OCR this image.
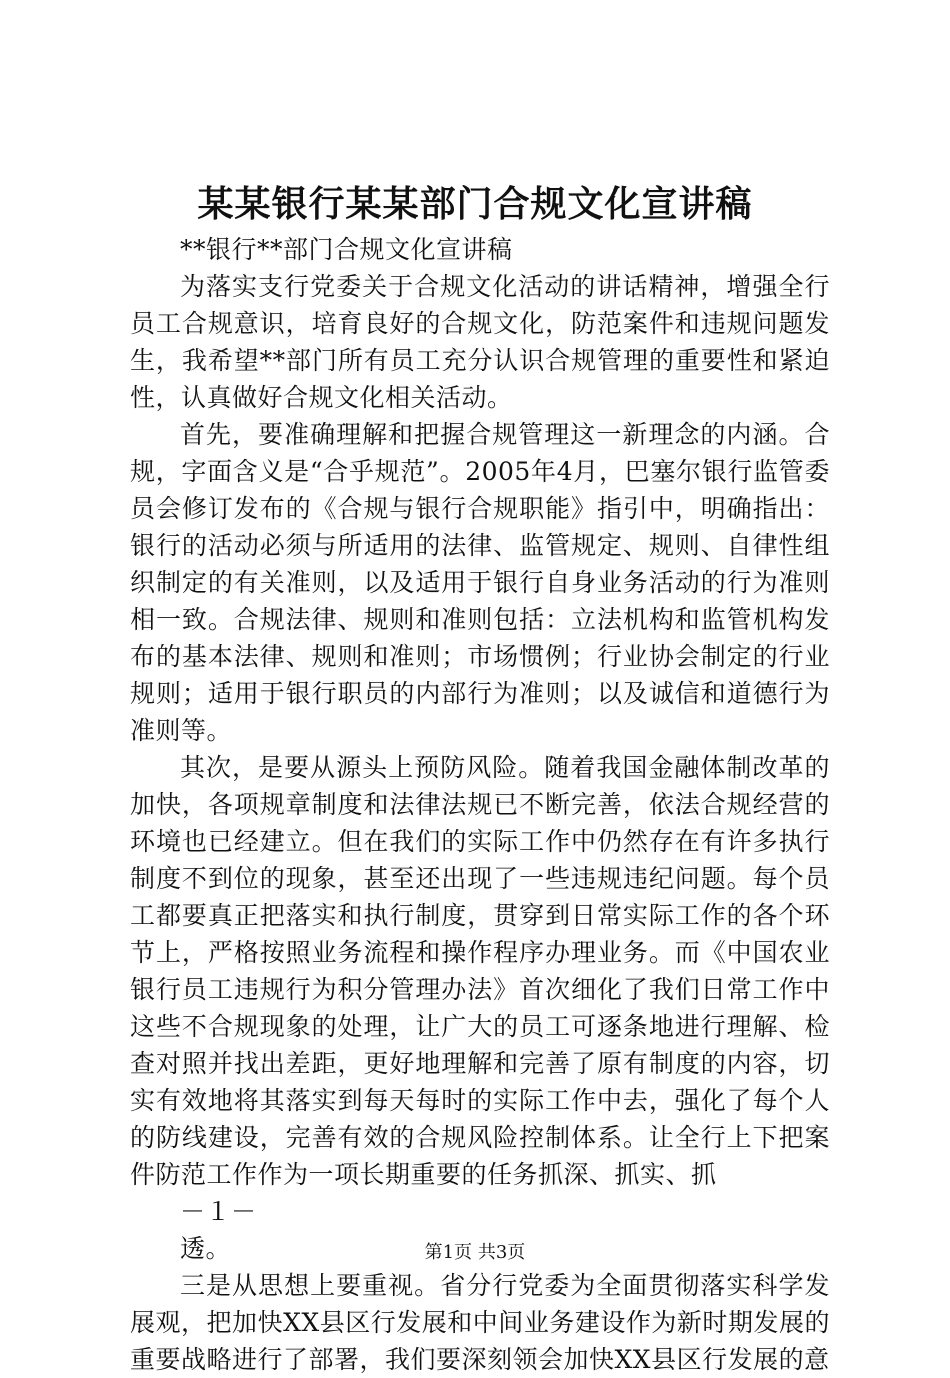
某某银行某某部门合规文化宣讲稿

**银行**部门合规文化宣讲稿

为落实支行党委关于合规文化活动的讲话精神，增强全行员工合规意识，培育良好的合规文化，防范案件和违规问题发生，我希望**部门所有员工充分认识合规管理的重要性和紧迫性，认真做好合规文化相关活动。

首先，要准确理解和把握合规管理这一新理念的内涵。合规，字面含义是“合乎规范”。2005年4月，巴塞尔银行监管委员会修订发布的《合规与银行合规职能》指引中，明确指出：银行的活动必须与所适用的法律、监管规定、规则、自律性组织制定的有关准则，以及适用于银行自身业务活动的行为准则相一致。合规法律、规则和准则包括：立法机构和监管机构发布的基本法律、规则和准则；市场惯例；行业协会制定的行业规则；适用于银行职员的内部行为准则；以及诚信和道德行为准则等。

其次，是要从源头上预防风险。随着我国金融体制改革的加快，各项规章制度和法律法规已不断完善，依法合规经营的环境也已经建立。但在我们的实际工作中仍然存在有许多执行制度不到位的现象，甚至还出现了一些违规违纪问题。每个员工都要真正把落实和执行制度，贯穿到日常实际工作的各个环节上，严格按照业务流程和操作程序办理业务。而《中国农业银行员工违规行为积分管理办法》首次细化了我们日常工作中这些不合规现象的处理，让广大的员工可逐条地进行理解、检查对照并找出差距，更好地理解和完善了原有制度的内容，切实有效地将其落实到每天每时的实际工作中去，强化了每个人的防线建设，完善有效的合规风险控制体系。让全行上下把案件防范工作作为一项长期重要的任务抓深、抓实、抓

－１－

透。

三是从思想上要重视。省分行党委为全面贯彻落实科学发展观，把加快XX县区行发展和中间业务建设作为新时期发展的重要战略进行了部署，我们要深刻领会加快XX县区行发展的意

第1页 共3页
